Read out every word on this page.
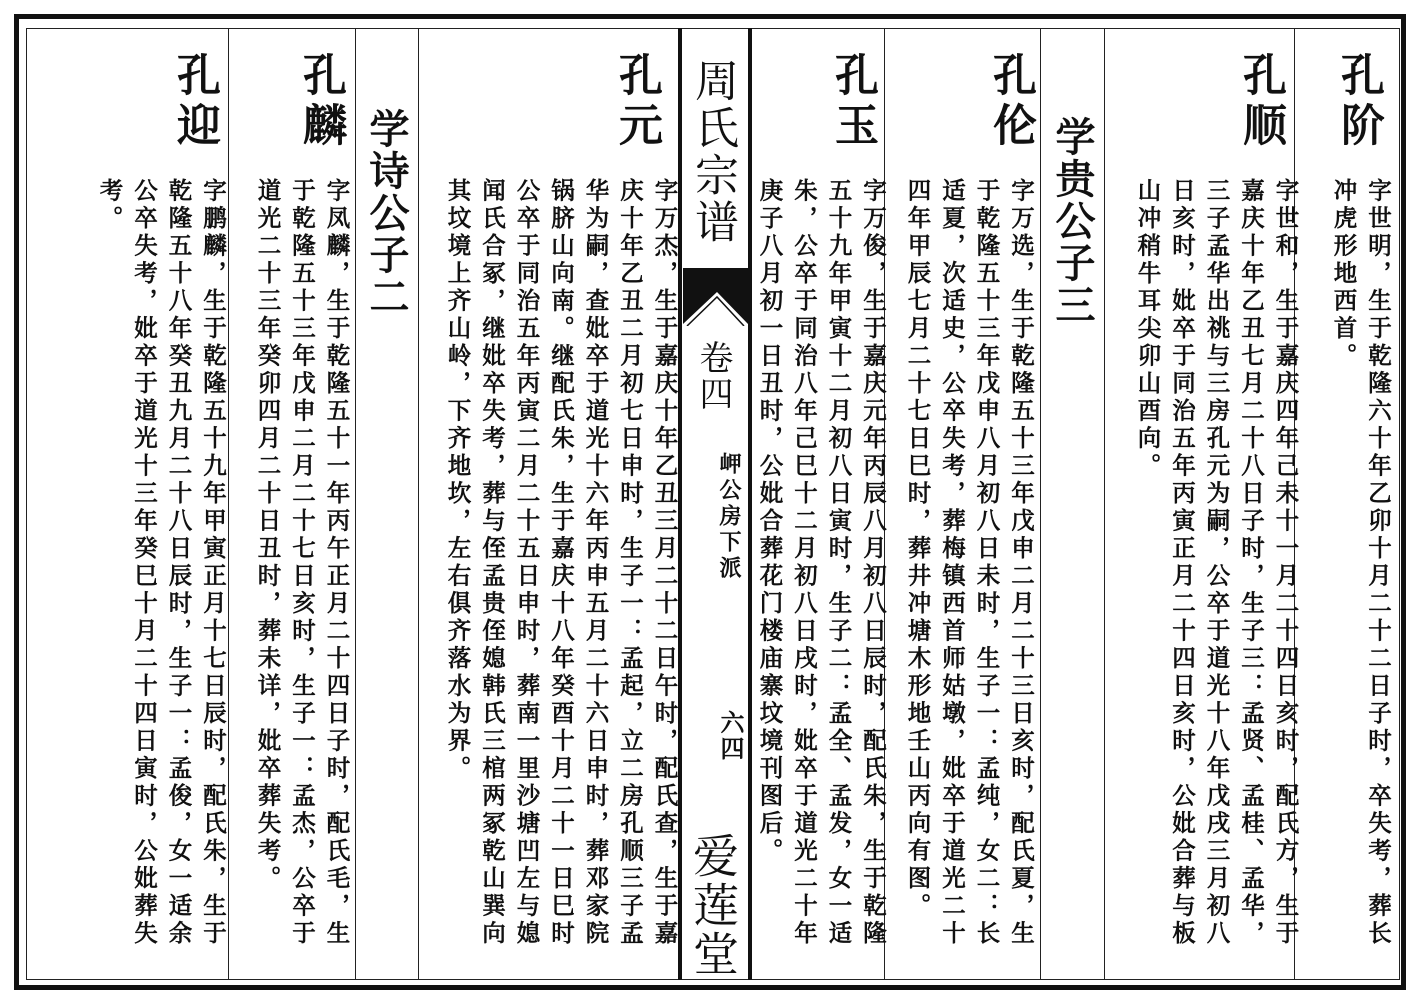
孔阶
字世明，生于乾隆六十年乙卯十月二十二日子时，卒失考，葬长冲虎形地西首。
孔顺
字世和，生于嘉庆四年己未十一月二十四日亥时，配氏方，生于嘉庆十年乙丑七月二十八日子时，生子三：孟贤、孟桂、孟华，三子孟华出祧与三房孔元为嗣，公卒于道光十八年戊戌三月初八日亥时，妣卒于同治五年丙寅正月二十四日亥时，公妣合葬与板山冲稍牛耳尖卯山酉向。
学贵公子三
孔伦
字万选，生于乾隆五十三年戊申二月二十三日亥时，配氏夏，生于乾隆五十三年戊申八月初八日未时，生子一：孟纯，女二：长适夏，次适史，公卒失考，葬梅镇西首师姑墩，妣卒于道光二十四年甲辰七月二十七日巳时，葬井冲塘木形地壬山丙向有图。
孔玉
字万俊，生于嘉庆元年丙辰八月初八日辰时，配氏朱，生于乾隆五十九年甲寅十二月初八日寅时，生子二：孟全、孟发，女一适朱，公卒于同治八年己巳十二月初八日戌时，妣卒于道光二十年庚子八月初一日丑时，公妣合葬花门楼庙寨坟境刊图后。
周氏宗谱
卷四
岬公房下派
六四
爱莲堂
孔元
字万杰，生于嘉庆十年乙丑三月二十二日午时，配氏查，生于嘉庆十年乙丑二月初七日申时，生子一：孟起，立二房孔顺三子孟华为嗣，查妣卒于道光十六年丙申五月二十六日申时，葬邓家院锅脐山向南。继配氏朱，生于嘉庆十八年癸酉十月二十一日巳时公卒于同治五年丙寅二月二十五日申时，葬南一里沙塘凹左与媳闻氏合冢，继妣卒失考，葬与侄孟贵侄媳韩氏三棺两冢乾山巽向其坟境上齐山岭，下齐地坎，左右俱齐落水为界。
学诗公子二
孔麟
字凤麟，生于乾隆五十一年丙午正月二十四日子时，配氏毛，生于乾隆五十三年戊申二月二十七日亥时，生子一：孟杰，公卒于道光二十三年癸卯四月二十日丑时，葬未详，妣卒葬失考。
孔迎
字鹏麟，生于乾隆五十九年甲寅正月十七日辰时，配氏朱，生于乾隆五十八年癸丑九月二十八日辰时，生子一：孟俊，女一适余公卒失考，妣卒于道光十三年癸巳十月二十四日寅时，公妣葬失考。
